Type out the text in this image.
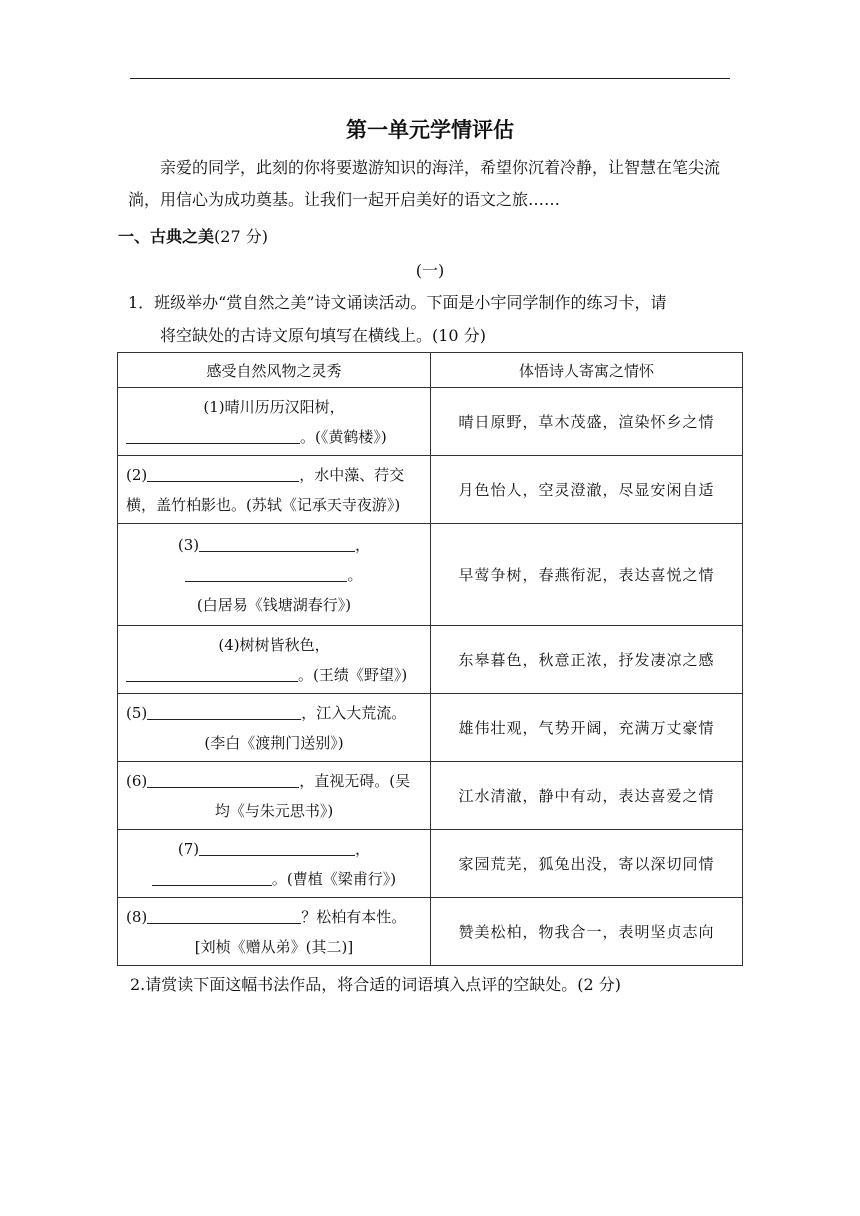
第一单元学情评估
亲爱的同学，此刻的你将要遨游知识的海洋，希望你沉着冷静，让智慧在笔尖流淌，用信心为成功奠基。让我们一起开启美好的语文之旅……
一、古典之美(27 分)
(一)
1．班级举办“赏自然之美”诗文诵读活动。下面是小宇同学制作的练习卡，请
将空缺处的古诗文原句填写在横线上。(10 分)
感受自然风物之灵秀	体悟诗人寄寓之情怀

(1)晴川历历汉阳树，
。(《黄鹤楼》)	晴日原野，草木茂盛，渲染怀乡之情

(2) ，水中藻、荇交
横，盖竹柏影也。(苏轼《记承天寺夜游》)	月色怡人，空灵澄澈，尽显安闲自适

(3) ，
。
(白居易《钱塘湖春行》)	早莺争树，春燕衔泥，表达喜悦之情

(4)树树皆秋色，
。(王绩《野望》)	东皋暮色，秋意正浓，抒发凄凉之感

(5) ，江入大荒流。
(李白《渡荆门送别》)	雄伟壮观，气势开阔，充满万丈豪情

(6) ，直视无碍。(吴
均《与朱元思书》)	江水清澈，静中有动，表达喜爱之情

(7) ，
。(曹植《梁甫行》)	家园荒芜，狐兔出没，寄以深切同情

(8) ？松柏有本性。
[刘桢《赠从弟》(其二)]	赞美松柏，物我合一，表明坚贞志向
2.请赏读下面这幅书法作品，将合适的词语填入点评的空缺处。(2 分)
